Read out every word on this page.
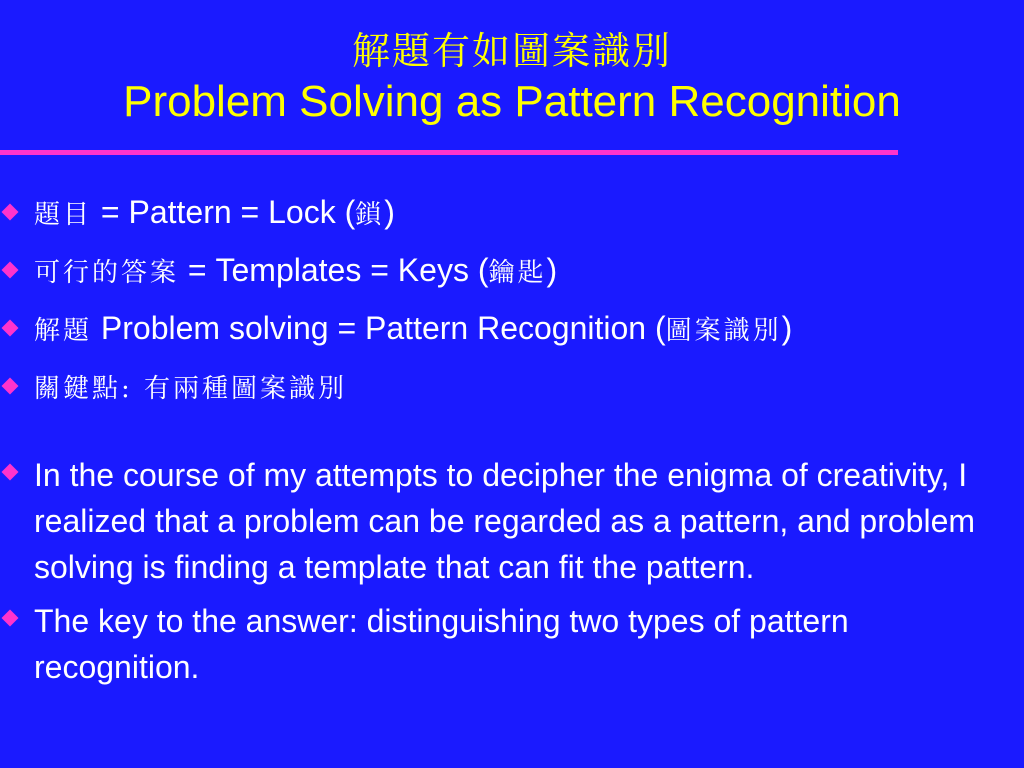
解題有如圖案識別
Problem Solving as Pattern Recognition
題目 = Pattern = Lock (鎖)
可行的答案 = Templates = Keys (鑰匙)
解題 Problem solving = Pattern Recognition (圖案識別)
關鍵點: 有兩種圖案識別
In the course of my attempts to decipher the enigma of creativity, I realized that a problem can be regarded as a pattern, and problem solving is finding a template that can fit the pattern.
The key to the answer: distinguishing two types of pattern recognition.
